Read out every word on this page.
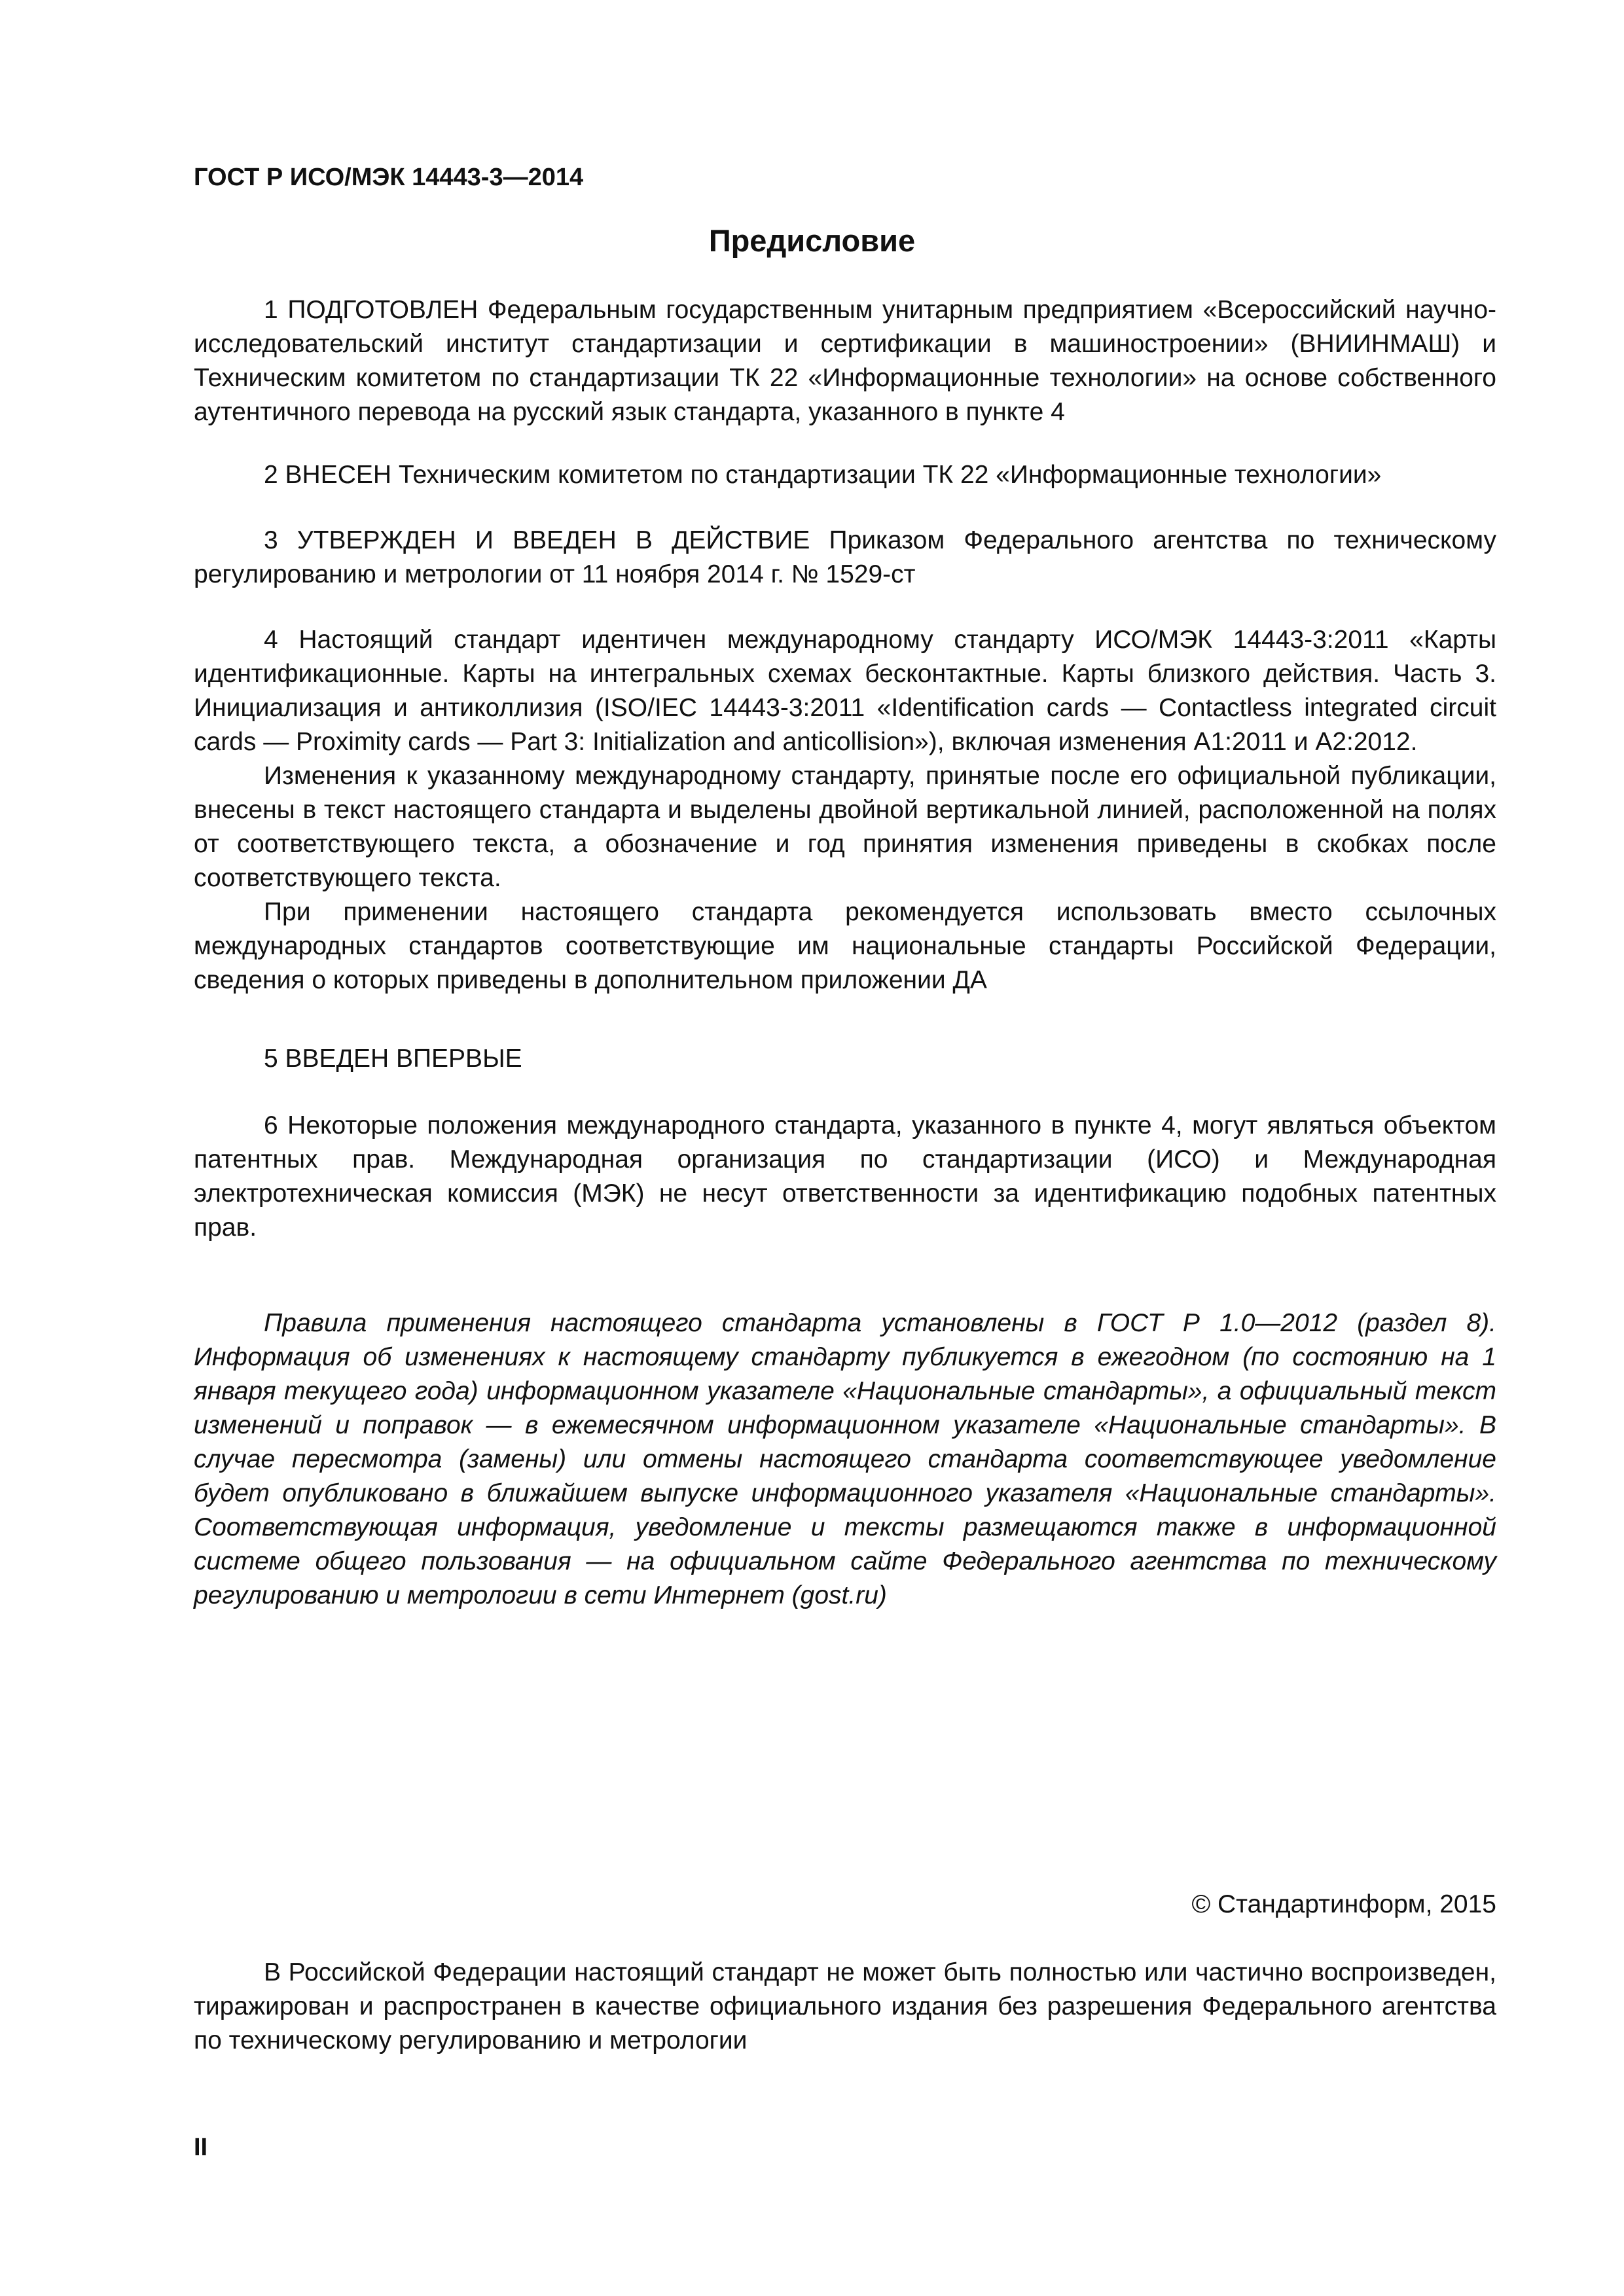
ГОСТ Р ИСО/МЭК 14443-3—2014
Предисловие

1 ПОДГОТОВЛЕН Федеральным государственным унитарным предприятием «Всероссийский научно-исследовательский институт стандартизации и сертификации в машиностроении» (ВНИИНМАШ) и Техническим комитетом по стандартизации ТК 22 «Информационные технологии» на основе собственного аутентичного перевода на русский язык стандарта, указанного в пункте 4

2 ВНЕСЕН Техническим комитетом по стандартизации ТК 22 «Информационные технологии»

3 УТВЕРЖДЕН И ВВЕДЕН В ДЕЙСТВИЕ Приказом Федерального агентства по техническому регулированию и метрологии от 11 ноября 2014 г. № 1529-ст

4 Настоящий стандарт идентичен международному стандарту ИСО/МЭК 14443-3:2011 «Карты идентификационные. Карты на интегральных схемах бесконтактные. Карты близкого действия. Часть 3. Инициализация и антиколлизия (ISO/IEC 14443-3:2011 «Identification cards — Contactless integrated circuit cards — Proximity cards — Part 3: Initialization and anticollision»), включая изменения А1:2011 и А2:2012.

Изменения к указанному международному стандарту, принятые после его официальной публикации, внесены в текст настоящего стандарта и выделены двойной вертикальной линией, расположенной на полях от соответствующего текста, а обозначение и год принятия изменения приведены в скобках после соответствующего текста.

При применении настоящего стандарта рекомендуется использовать вместо ссылочных международных стандартов соответствующие им национальные стандарты Российской Федерации, сведения о которых приведены в дополнительном приложении ДА

5 ВВЕДЕН ВПЕРВЫЕ

6 Некоторые положения международного стандарта, указанного в пункте 4, могут являться объектом патентных прав. Международная организация по стандартизации (ИСО) и Международная электротехническая комиссия (МЭК) не несут ответственности за идентификацию подобных патентных прав.

Правила применения настоящего стандарта установлены в ГОСТ Р 1.0—2012 (раздел 8). Информация об изменениях к настоящему стандарту публикуется в ежегодном (по состоянию на 1 января текущего года) информационном указателе «Национальные стандарты», а официальный текст изменений и поправок — в ежемесячном информационном указателе «Национальные стандарты». В случае пересмотра (замены) или отмены настоящего стандарта соответствующее уведомление будет опубликовано в ближайшем выпуске информационного указателя «Национальные стандарты». Соответствующая информация, уведомление и тексты размещаются также в информационной системе общего пользования — на официальном сайте Федерального агентства по техническому регулированию и метрологии в сети Интернет (gost.ru)

© Стандартинформ, 2015

В Российской Федерации настоящий стандарт не может быть полностью или частично воспроизведен, тиражирован и распространен в качестве официального издания без разрешения Федерального агентства по техническому регулированию и метрологии

II
